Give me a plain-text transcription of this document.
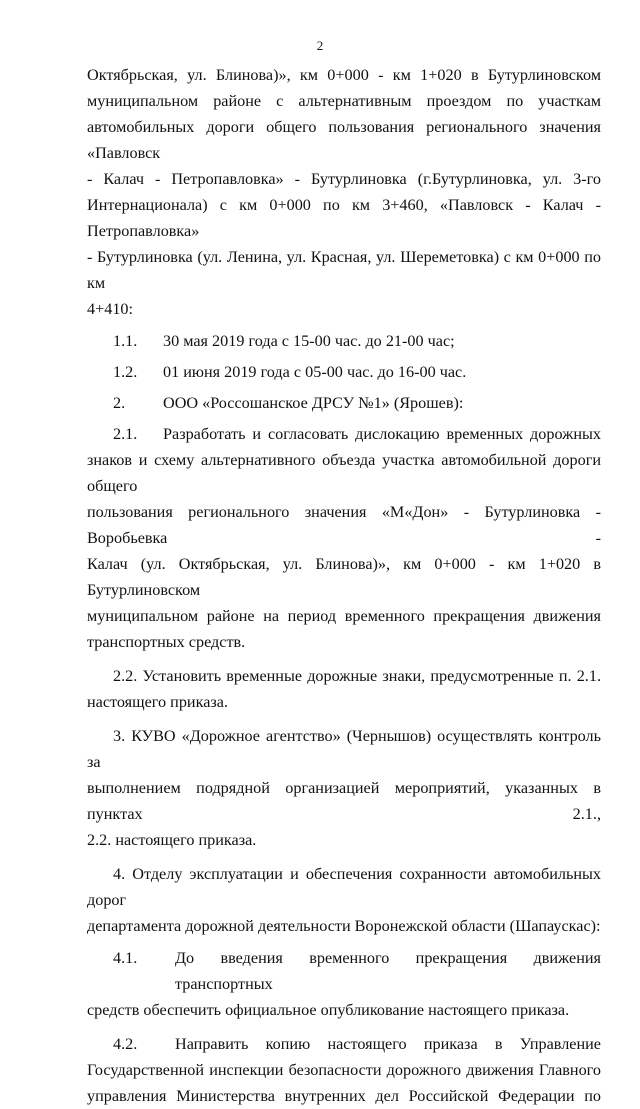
2

Октябрьская, ул. Блинова)», км 0+000 - км 1+020 в Бутурлиновском

муниципальном районе с альтернативным проездом по участкам

автомобильных дороги общего пользования регионального значения «Павловск

- Калач - Петропавловка» - Бутурлиновка (г.Бутурлиновка, ул. 3-го

Интернационала) с км 0+000 по км 3+460, «Павловск - Калач - Петропавловка»

- Бутурлиновка (ул. Ленина, ул. Красная, ул. Шереметовка) с км 0+000 по км

4+410:

1.1.	30 мая 2019 года с 15-00 час. до 21-00 час;
1.2.	01 июня 2019 года с 05-00 час. до 16-00 час.
2.	ООО «Россошанское ДРСУ №1» (Ярошев):
2.1.	Разработать и согласовать дислокацию временных дорожных

знаков и схему альтернативного объезда участка автомобильной дороги общего

пользования регионального значения «М«Дон» - Бутурлиновка - Воробьевка -

Калач (ул. Октябрьская, ул. Блинова)», км 0+000 - км 1+020 в Бутурлиновском

муниципальном районе на период временного прекращения движения

транспортных средств.

2.2. Установить временные дорожные знаки, предусмотренные п. 2.1.

настоящего приказа.

3. КУВО «Дорожное агентство» (Чернышов) осуществлять контроль за

выполнением подрядной организацией мероприятий, указанных в пунктах 2.1.,

2.2. настоящего приказа.

4. Отделу эксплуатации и обеспечения сохранности автомобильных дорог

департамента дорожной деятельности Воронежской области (Шапаускас):

4.1.	До введения временного прекращения движения транспортных

средств обеспечить официальное опубликование настоящего приказа.

4.2.	Направить копию настоящего приказа в Управление

Государственной инспекции безопасности дорожного движения Главного

управления Министерства внутренних дел Российской Федерации по
